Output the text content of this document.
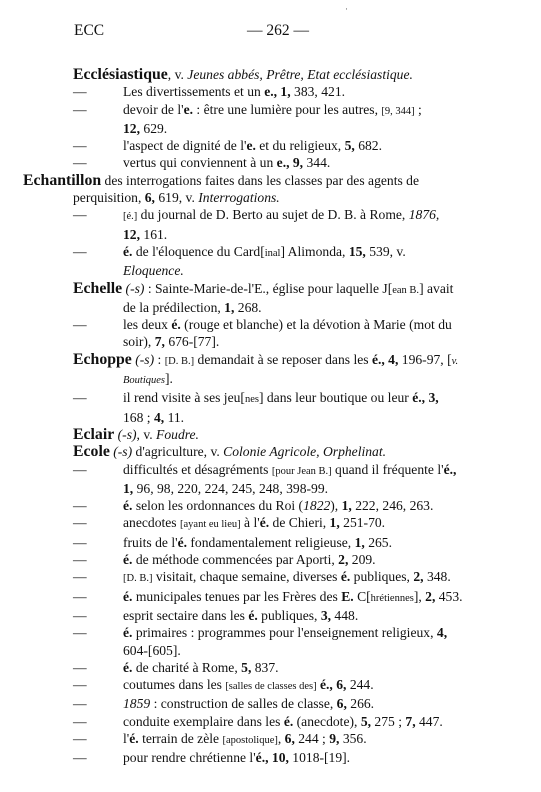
ECC	— 262 —
·
Ecclésiastique, v. Jeunes abbés, Prêtre, Etat ecclésiastique.
—	Les divertissements et un e., 1, 383, 421.
—	devoir de l'e. : être une lumière pour les autres, [9, 344] ;
12, 629.
—	l'aspect de dignité de l'e. et du religieux, 5, 682.
—	vertus qui conviennent à un e., 9, 344.
Echantillon des interrogations faites dans les classes par des agents de perquisition, 6, 619, v. Interrogations.
—	[é.] du journal de D. Berto au sujet de D. B. à Rome, 1876,
12, 161.
—	é. de l'éloquence du Card[inal] Alimonda, 15, 539, v. Eloquence.
Echelle (-s) : Sainte-Marie-de-l'E., église pour laquelle J[ean B.] avait de la prédilection, 1, 268.
—	les deux é. (rouge et blanche) et la dévotion à Marie (mot du soir), 7, 676-[77].
Echoppe (-s) : [D. B.] demandait à se reposer dans les é., 4, 196-97, [v. Boutiques].
—	il rend visite à ses jeu[nes] dans leur boutique ou leur é., 3,
168 ; 4, 11.
Eclair (-s), v. Foudre.
Ecole (-s) d'agriculture, v. Colonie Agricole, Orphelinat.
—	difficultés et désagréments [pour Jean B.] quand il fréquente l'é.,
1, 96, 98, 220, 224, 245, 248, 398-99.
—	é. selon les ordonnances du Roi (1822), 1, 222, 246, 263.
—	anecdotes [ayant eu lieu] à l'é. de Chieri, 1, 251-70.
—	fruits de l'é. fondamentalement religieuse, 1, 265.
—	é. de méthode commencées par Aporti, 2, 209.
—	[D. B.] visitait, chaque semaine, diverses é. publiques, 2, 348.
—	é. municipales tenues par les Frères des E. C[hrétiennes], 2, 453.
—	esprit sectaire dans les é. publiques, 3, 448.
—	é. primaires : programmes pour l'enseignement religieux, 4,
604-[605].
—	é. de charité à Rome, 5, 837.
—	coutumes dans les [salles de classes des] é., 6, 244.
—	1859 : construction de salles de classe, 6, 266.
—	conduite exemplaire dans les é. (anecdote), 5, 275 ; 7, 447.
—	l'é. terrain de zèle [apostolique], 6, 244 ; 9, 356.
—	pour rendre chrétienne l'é., 10, 1018-[19].
